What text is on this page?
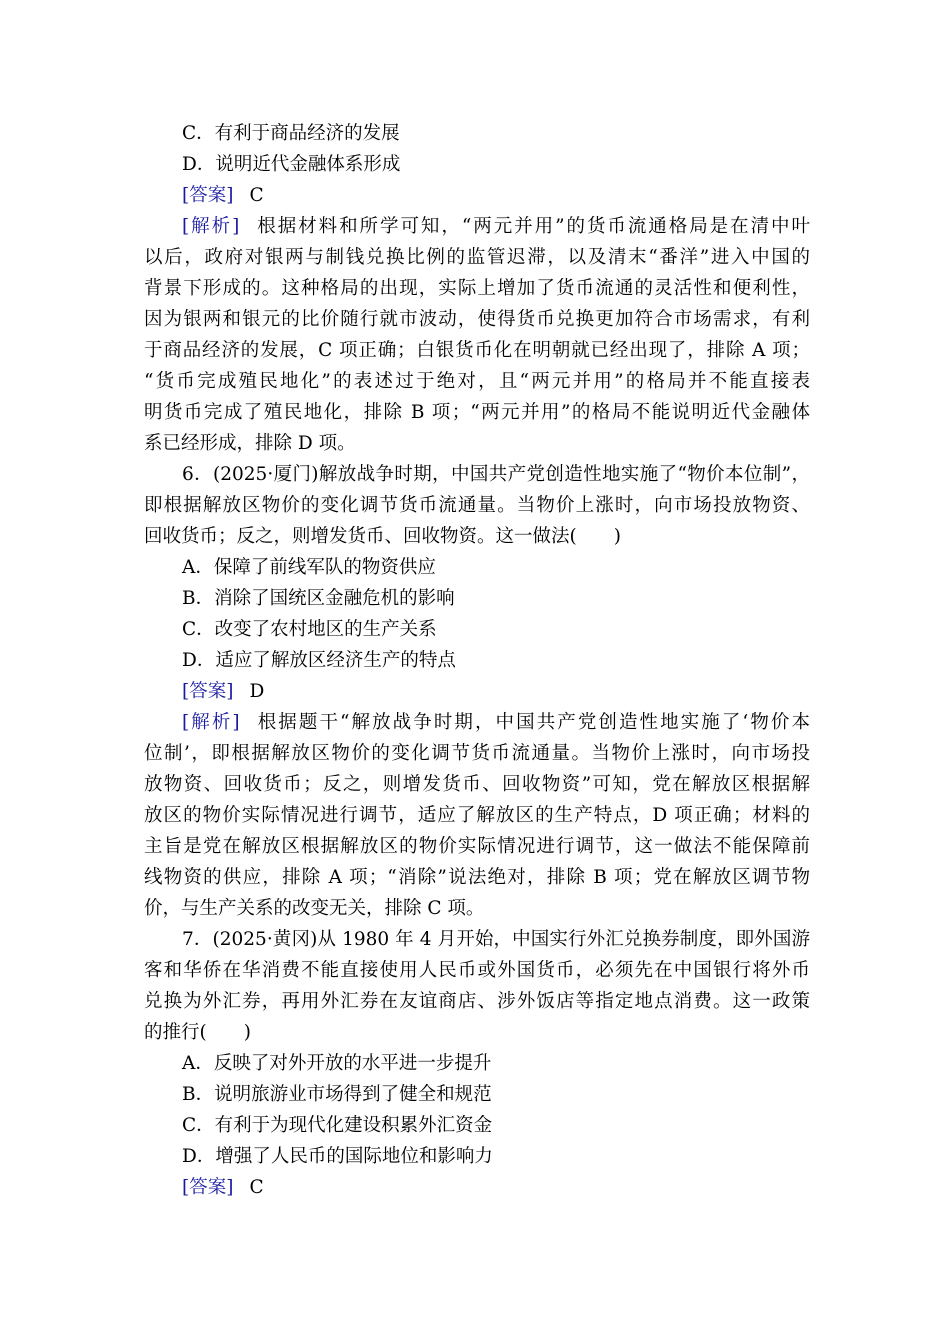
C．有利于商品经济的发展
D．说明近代金融体系形成
[答案] C
[解析] 根据材料和所学可知，“两元并用”的货币流通格局是在清中叶
以后，政府对银两与制钱兑换比例的监管迟滞，以及清末“番洋”进入中国的
背景下形成的。这种格局的出现，实际上增加了货币流通的灵活性和便利性，
因为银两和银元的比价随行就市波动，使得货币兑换更加符合市场需求，有利
于商品经济的发展，C 项正确；白银货币化在明朝就已经出现了，排除 A 项；
“货币完成殖民地化”的表述过于绝对，且“两元并用”的格局并不能直接表
明货币完成了殖民地化，排除 B 项；“两元并用”的格局不能说明近代金融体
系已经形成，排除 D 项。
6．(2025·厦门)解放战争时期，中国共产党创造性地实施了“物价本位制”，
即根据解放区物价的变化调节货币流通量。当物价上涨时，向市场投放物资、
回收货币；反之，则增发货币、回收物资。这一做法(　　)
A．保障了前线军队的物资供应
B．消除了国统区金融危机的影响
C．改变了农村地区的生产关系
D．适应了解放区经济生产的特点
[答案] D
[解析] 根据题干“解放战争时期，中国共产党创造性地实施了‘物价本
位制’，即根据解放区物价的变化调节货币流通量。当物价上涨时，向市场投
放物资、回收货币；反之，则增发货币、回收物资”可知，党在解放区根据解
放区的物价实际情况进行调节，适应了解放区的生产特点，D 项正确；材料的
主旨是党在解放区根据解放区的物价实际情况进行调节，这一做法不能保障前
线物资的供应，排除 A 项；“消除”说法绝对，排除 B 项；党在解放区调节物
价，与生产关系的改变无关，排除 C 项。
7．(2025·黄冈)从 1980 年 4 月开始，中国实行外汇兑换券制度，即外国游
客和华侨在华消费不能直接使用人民币或外国货币，必须先在中国银行将外币
兑换为外汇券，再用外汇券在友谊商店、涉外饭店等指定地点消费。这一政策
的推行(　　)
A．反映了对外开放的水平进一步提升
B．说明旅游业市场得到了健全和规范
C．有利于为现代化建设积累外汇资金
D．增强了人民币的国际地位和影响力
[答案] C
